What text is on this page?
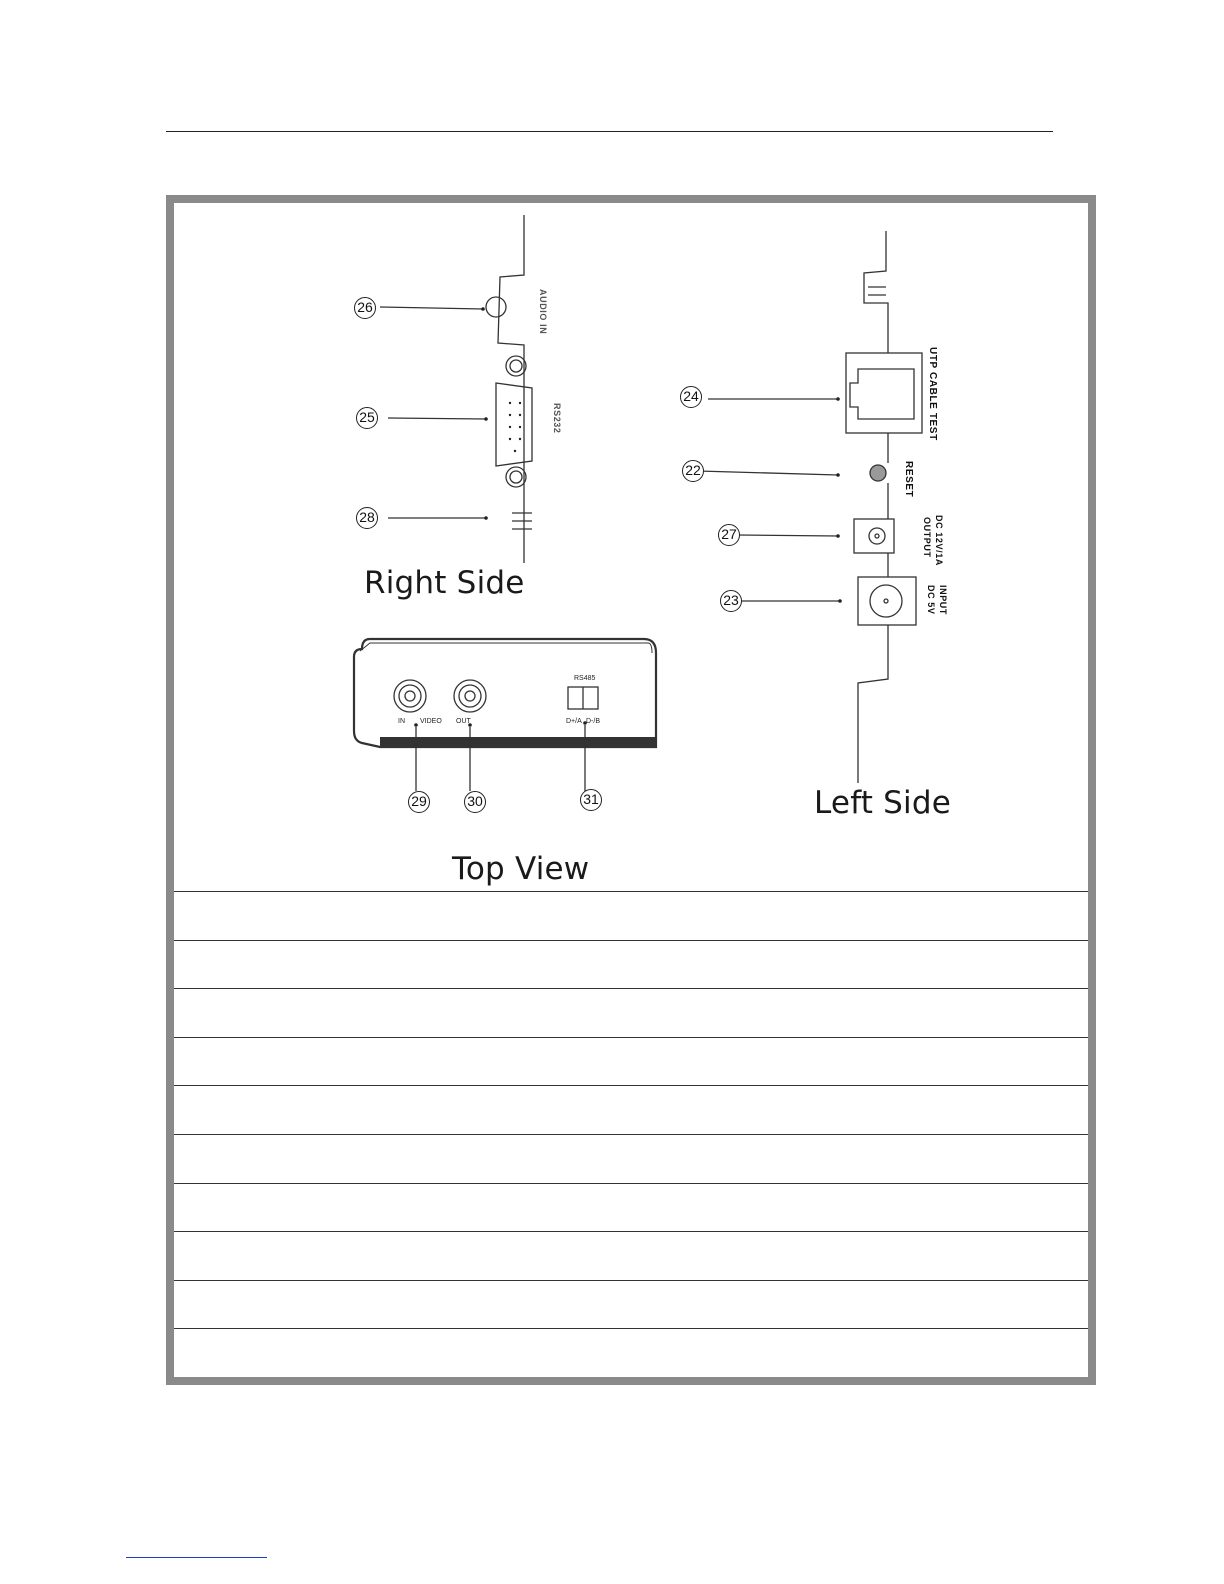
26
25
28
24
22
27
23
29	30	31
Right Side
Left Side
Top View
AUDIO IN
RS232	UTP CABLE TEST
RESET
DC 12V/1A
OUTPUT
INPUT
DC 5V
RS485
IN VIDEO OUT	D+/A D-/B
